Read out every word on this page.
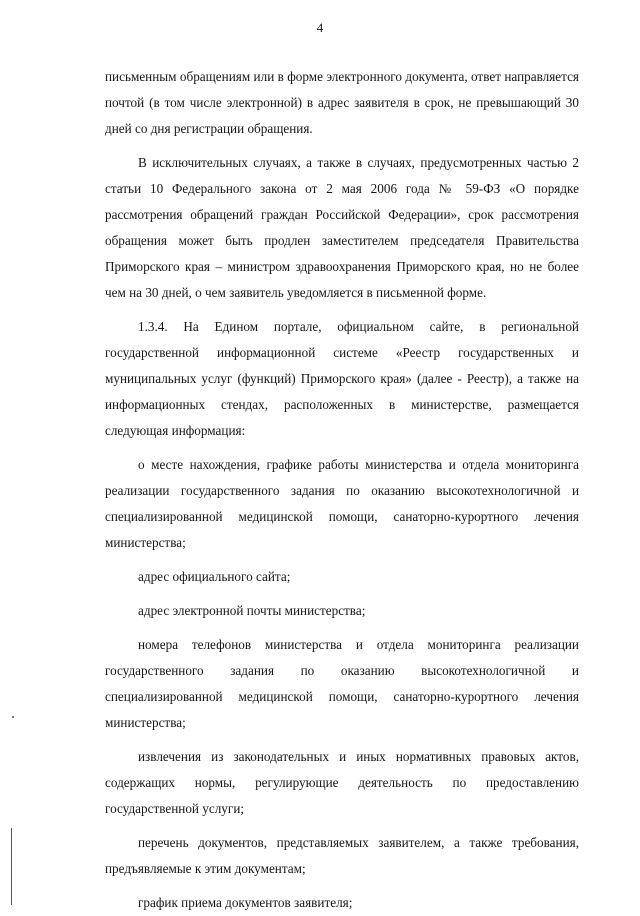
4

письменным обращениям или в форме электронного документа, ответ направляется почтой (в том числе электронной) в адрес заявителя в срок, не превышающий 30 дней со дня регистрации обращения.

В исключительных случаях, а также в случаях, предусмотренных частью 2 статьи 10 Федерального закона от 2 мая 2006 года № 59-ФЗ «О порядке рассмотрения обращений граждан Российской Федерации», срок рассмотрения обращения может быть продлен заместителем председателя Правительства Приморского края – министром здравоохранения Приморского края, но не более чем на 30 дней, о чем заявитель уведомляется в письменной форме.

1.3.4. На Едином портале, официальном сайте, в региональной государственной информационной системе «Реестр государственных и муниципальных услуг (функций) Приморского края» (далее - Реестр), а также на информационных стендах, расположенных в министерстве, размещается следующая информация:

о месте нахождения, графике работы министерства и отдела мониторинга реализации государственного задания по оказанию высокотехнологичной и специализированной медицинской помощи, санаторно-курортного лечения министерства;

адрес официального сайта;

адрес электронной почты министерства;

номера телефонов министерства и отдела мониторинга реализации государственного задания по оказанию высокотехнологичной и специализированной медицинской помощи, санаторно-курортного лечения министерства;

извлечения из законодательных и иных нормативных правовых актов, содержащих нормы, регулирующие деятельность по предоставлению государственной услуги;

перечень документов, представляемых заявителем, а также требования, предъявляемые к этим документам;

график приема документов заявителя;
